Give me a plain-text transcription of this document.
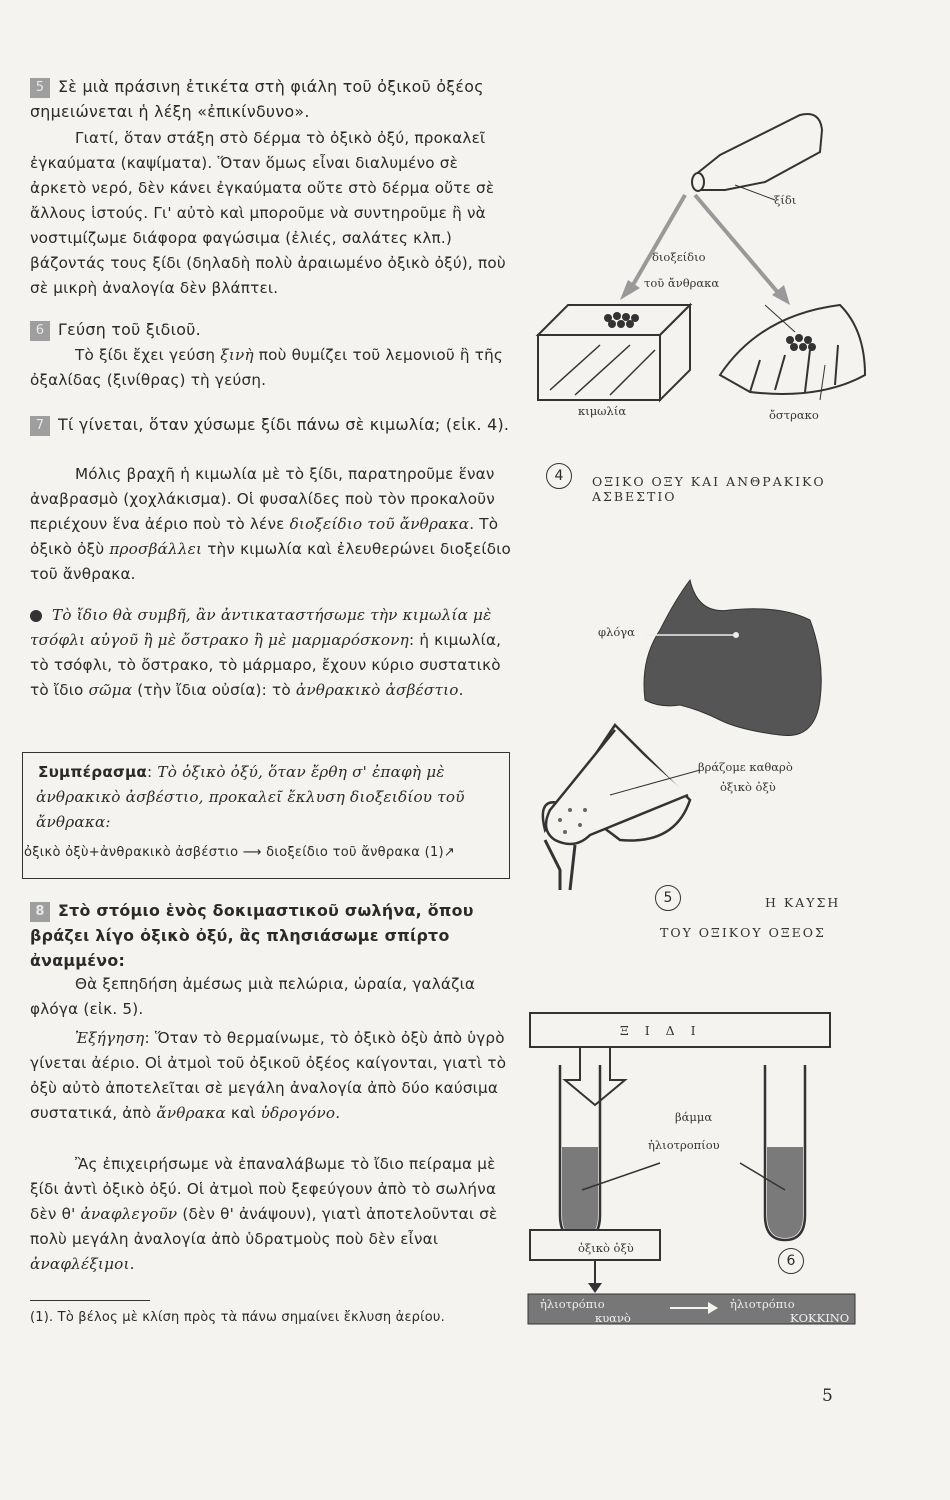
5 Σὲ μιὰ πράσινη ἐτικέτα στὴ φιάλη τοῦ ὀξικοῦ ὀξέος σημειώνεται ἡ λέξη «ἐπικίνδυνο».
Γιατί, ὅταν στάξη στὸ δέρμα τὸ ὀξικὸ ὀξύ, προκαλεῖ ἐγκαύματα (καψίματα). Ὅταν ὅμως εἶναι διαλυμένο σὲ ἀρκετὸ νερό, δὲν κάνει ἐγκαύματα οὔτε στὸ δέρμα οὔτε σὲ ἄλλους ἱστούς. Γι' αὐτὸ καὶ μποροῦμε νὰ συντηροῦμε ἢ νὰ νοστιμίζωμε διάφορα φαγώσιμα (ἐλιές, σαλάτες κλπ.) βάζοντάς τους ξίδι (δηλαδὴ πολὺ ἀραιωμένο ὀξικὸ ὀξύ), ποὺ σὲ μικρὴ ἀναλογία δὲν βλάπτει.
6 Γεύση τοῦ ξιδιοῦ.
Τὸ ξίδι ἔχει γεύση ξινὴ ποὺ θυμίζει τοῦ λεμονιοῦ ἢ τῆς ὀξαλίδας (ξινίθρας) τὴ γεύση.
7 Τί γίνεται, ὅταν χύσωμε ξίδι πάνω σὲ κιμωλία; (εἰκ. 4).
Μόλις βραχῆ ἡ κιμωλία μὲ τὸ ξίδι, παρατηροῦμε ἕναν ἀναβρασμὸ (χοχλάκισμα). Οἱ φυσαλίδες ποὺ τὸν προκαλοῦν περιέχουν ἕνα ἀέριο ποὺ τὸ λένε διοξείδιο τοῦ ἄνθρακα. Τὸ ὀξικὸ ὀξὺ προσβάλλει τὴν κιμωλία καὶ ἐλευθερώνει διοξείδιο τοῦ ἄνθρακα.
Τὸ ἴδιο θὰ συμβῆ, ἂν ἀντικαταστήσωμε τὴν κιμωλία μὲ τσόφλι αὐγοῦ ἢ μὲ ὄστρακο ἢ μὲ μαρμαρόσκονη: ἡ κιμωλία, τὸ τσόφλι, τὸ ὄστρακο, τὸ μάρμαρο, ἔχουν κύριο συστατικὸ τὸ ἴδιο σῶμα (τὴν ἴδια οὐσία): τὸ ἀνθρακικὸ ἀσβέστιο.
Συμπέρασμα: Τὸ ὀξικὸ ὀξύ, ὅταν ἔρθη σ' ἐπαφὴ μὲ ἀνθρακικὸ ἀσβέστιο, προκαλεῖ ἔκλυση διοξειδίου τοῦ ἄνθρακα:
ὀξικὸ ὀξὺ+ἀνθρακικὸ ἀσβέστιο ⟶ διοξείδιο τοῦ ἄνθρακα (1)↗
8 Στὸ στόμιο ἑνὸς δοκιμαστικοῦ σωλήνα, ὅπου βράζει λίγο ὀξικὸ ὀξύ, ἂς πλησιάσωμε σπίρτο ἀναμμένο:
Θὰ ξεπηδήση ἀμέσως μιὰ πελώρια, ὡραία, γαλάζια φλόγα (εἰκ. 5).
Ἐξήγηση: Ὅταν τὸ θερμαίνωμε, τὸ ὀξικὸ ὀξὺ ἀπὸ ὑγρὸ γίνεται ἀέριο. Οἱ ἀτμοὶ τοῦ ὀξικοῦ ὀξέος καίγονται, γιατὶ τὸ ὀξὺ αὐτὸ ἀποτελεῖται σὲ μεγάλη ἀναλογία ἀπὸ δύο καύσιμα συστατικά, ἀπὸ ἄνθρακα καὶ ὑδρογόνο.
Ἂς ἐπιχειρήσωμε νὰ ἐπαναλάβωμε τὸ ἴδιο πείραμα μὲ ξίδι ἀντὶ ὀξικὸ ὀξύ. Οἱ ἀτμοὶ ποὺ ξεφεύγουν ἀπὸ τὸ σωλήνα δὲν θ' ἀναφλεγοῦν (δὲν θ' ἀνάψουν), γιατὶ ἀποτελοῦνται σὲ πολὺ μεγάλη ἀναλογία ἀπὸ ὑδρατμοὺς ποὺ δὲν εἶναι ἀναφλέξιμοι.
(1). Τὸ βέλος μὲ κλίση πρὸς τὰ πάνω σημαίνει ἔκλυση ἀερίου.
ξίδι
διοξείδιο
τοῦ ἄνθρακα
κιμωλία	ὄστρακο
4	ΟΞΙΚΟ ΟΞΥ ΚΑΙ ΑΝΘΡΑΚΙΚΟ
ΑΣΒΕΣΤΙΟ
φλόγα
βράζομε καθαρὸ
ὀξικὸ ὀξὺ
5	Η ΚΑΥΣΗ
ΤΟΥ ΟΞΙΚΟΥ ΟΞΕΟΣ
Ξ Ι Δ Ι
βάμμα
ἡλιοτροπίου
ὀξικὸ ὀξὺ
6
ἡλιοτρόπιο
κυανὸ
ἡλιοτρόπιο
ΚΟΚΚΙΝΟ
5
